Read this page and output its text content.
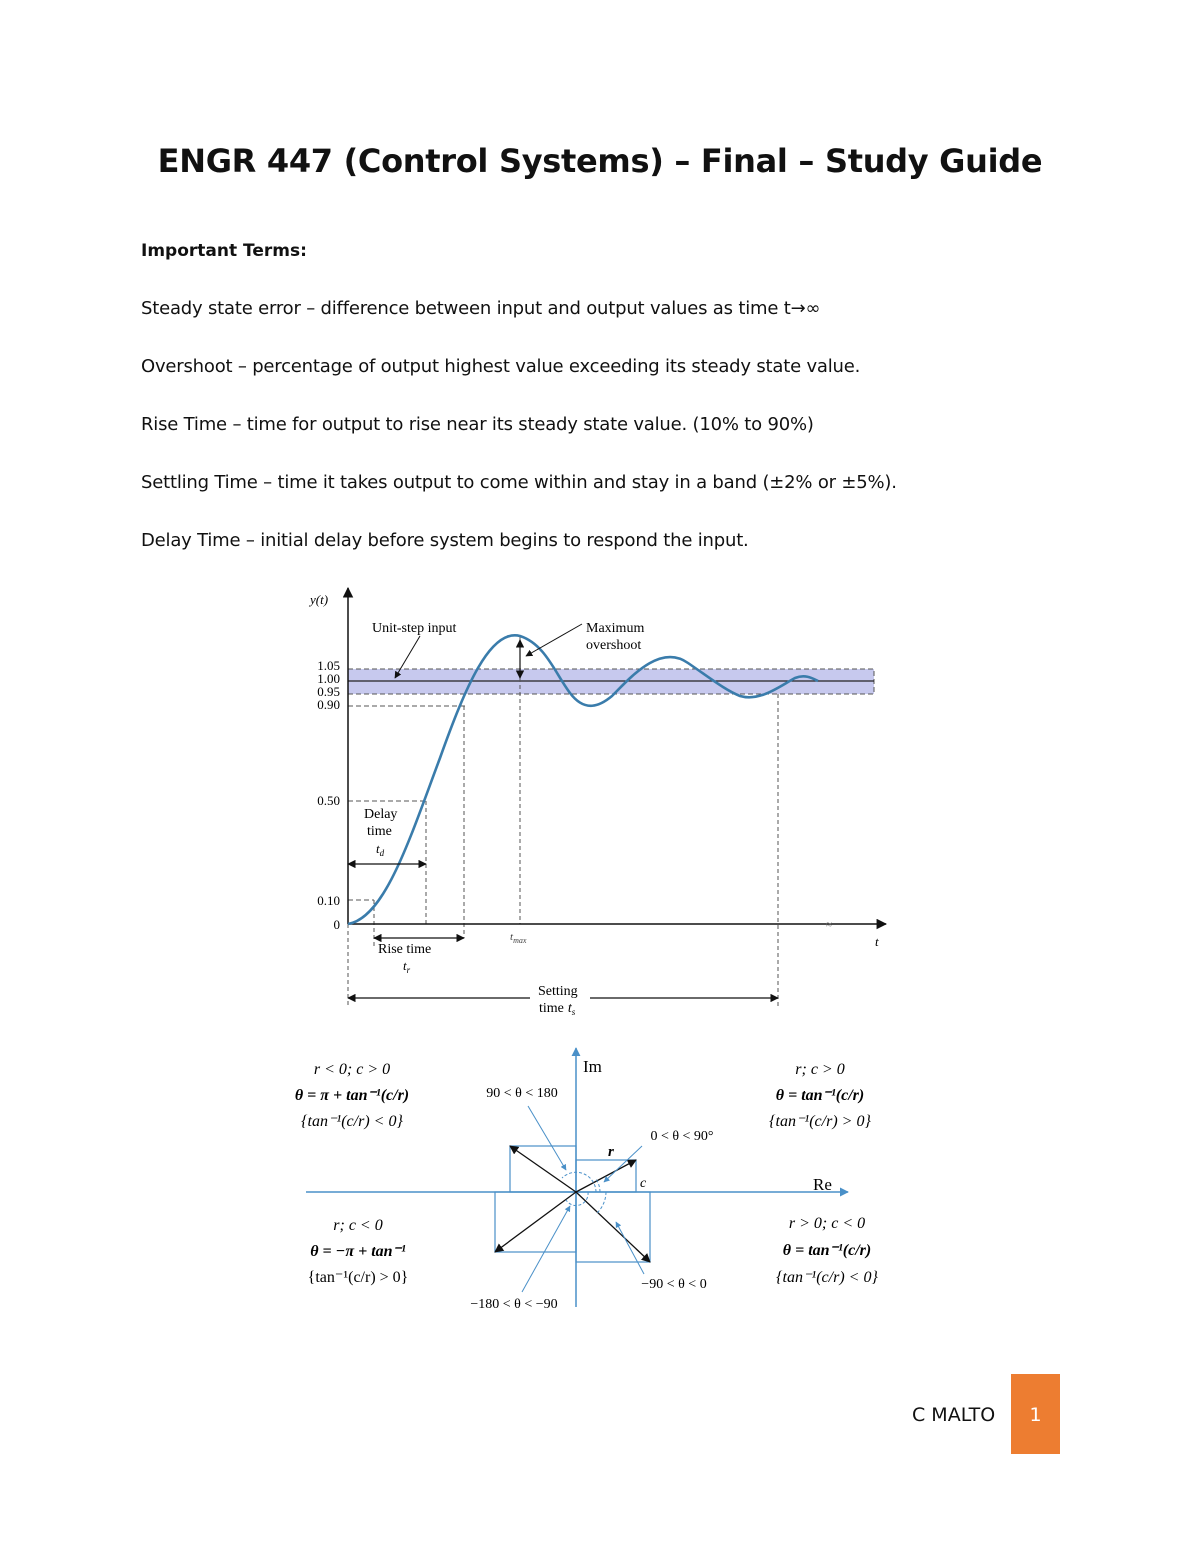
ENGR 447 (Control Systems) – Final – Study Guide
Important Terms:
Steady state error – difference between input and output values as time t→∞
Overshoot – percentage of output highest value exceeding its steady state value.
Rise Time – time for output to rise near its steady state value. (10% to 90%)
Settling Time – time it takes output to come within and stay in a band (±2% or ±5%).
Delay Time – initial delay before system begins to respond the input.
≈
y(t)
t
1.05
1.00
0.95
0.90
0.50
0.10
0
Unit-step input	Maximum
overshoot
Delay
time
$t_d$
Rise time
$t_r$
$t_{max}$
Setting
time $t_s$
Im
Re
r
c
r < 0; c > 0
θ = π + tan⁻¹(c/r)
{tan⁻¹(c/r) < 0}
90 < θ < 180
r; c > 0
θ = tan⁻¹(c/r)
{tan⁻¹(c/r) > 0}
0 < θ < 90°
r; c < 0
θ = −π + tan⁻¹
{tan⁻¹(c/r) > 0}
−180 < θ < −90
r > 0; c < 0
θ = tan⁻¹(c/r)
{tan⁻¹(c/r) < 0}
−90 < θ < 0
C MALTO	1
